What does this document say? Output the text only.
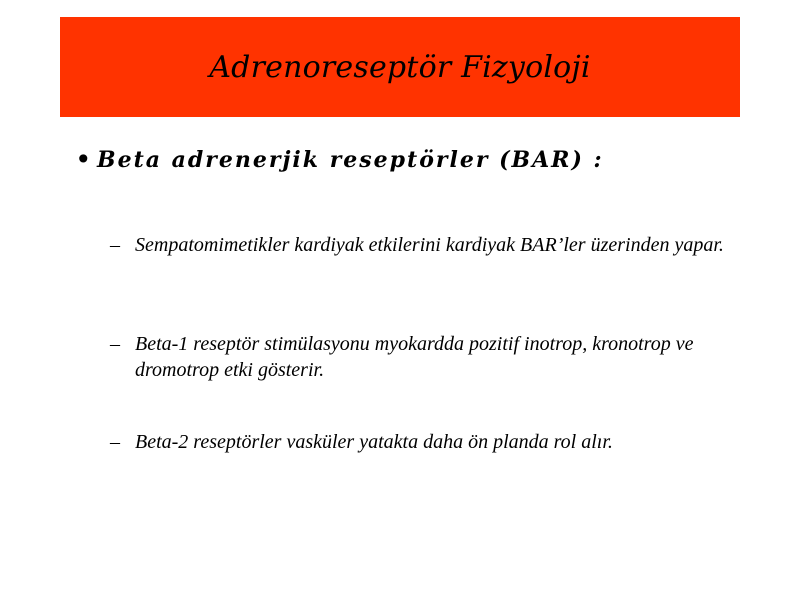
Adrenoreseptör Fizyoloji
• Beta adrenerjik reseptörler (BAR) :
– Sempatomimetikler kardiyak etkilerini kardiyak BAR’ler üzerinden yapar.
– Beta-1 reseptör stimülasyonu myokardda pozitif inotrop, kronotrop ve dromotrop etki gösterir.
– Beta-2 reseptörler vasküler yatakta daha ön planda rol alır.
